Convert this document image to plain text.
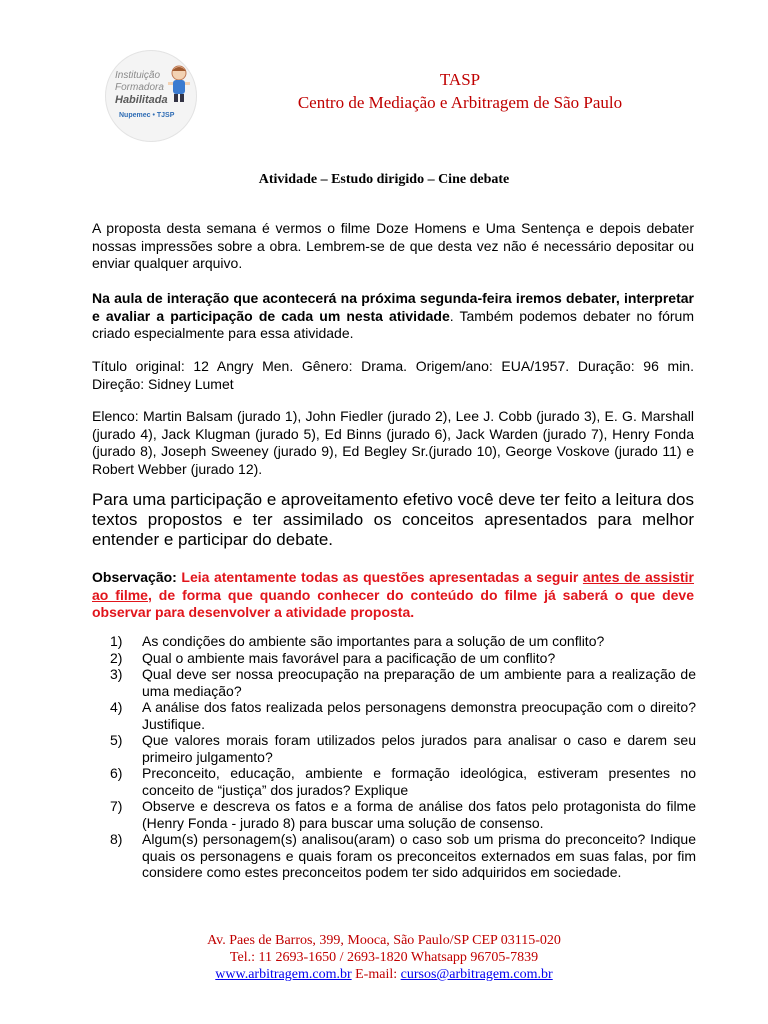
Instituição
Formadora
Habilitada
Nupemec • TJSP
TASP
Centro de Mediação e Arbitragem de São Paulo
Atividade – Estudo dirigido – Cine debate
A proposta desta semana é vermos o filme Doze Homens e Uma Sentença e depois debater nossas impressões sobre a obra. Lembrem-se de que desta vez não é necessário depositar ou enviar qualquer arquivo.
Na aula de interação que acontecerá na próxima segunda-feira iremos debater, interpretar e avaliar a participação de cada um nesta atividade. Também podemos debater no fórum criado especialmente para essa atividade.
Título original: 12 Angry Men. Gênero: Drama. Origem/ano: EUA/1957. Duração: 96 min. Direção: Sidney Lumet
Elenco: Martin Balsam (jurado 1), John Fiedler (jurado 2), Lee J. Cobb (jurado 3), E. G. Marshall (jurado 4), Jack Klugman (jurado 5), Ed Binns (jurado 6), Jack Warden (jurado 7), Henry Fonda (jurado 8), Joseph Sweeney (jurado 9), Ed Begley Sr.(jurado 10), George Voskove (jurado 11) e Robert Webber (jurado 12).
Para uma participação e aproveitamento efetivo você deve ter feito a leitura dos textos propostos e ter assimilado os conceitos apresentados para melhor entender e participar do debate.
Observação: Leia atentamente todas as questões apresentadas a seguir antes de assistir ao filme, de forma que quando conhecer do conteúdo do filme já saberá o que deve observar para desenvolver a atividade proposta.
1) As condições do ambiente são importantes para a solução de um conflito?
2) Qual o ambiente mais favorável para a pacificação de um conflito?
3) Qual deve ser nossa preocupação na preparação de um ambiente para a realização de uma mediação?
4) A análise dos fatos realizada pelos personagens demonstra preocupação com o direito? Justifique.
5) Que valores morais foram utilizados pelos jurados para analisar o caso e darem seu primeiro julgamento?
6) Preconceito, educação, ambiente e formação ideológica, estiveram presentes no conceito de “justiça” dos jurados? Explique
7) Observe e descreva os fatos e a forma de análise dos fatos pelo protagonista do filme (Henry Fonda - jurado 8) para buscar uma solução de consenso.
8) Algum(s) personagem(s) analisou(aram) o caso sob um prisma do preconceito? Indique quais os personagens e quais foram os preconceitos externados em suas falas, por fim considere como estes preconceitos podem ter sido adquiridos em sociedade.
Av. Paes de Barros, 399, Mooca, São Paulo/SP CEP 03115-020
Tel.: 11 2693-1650 / 2693-1820 Whatsapp 96705-7839
www.arbitragem.com.br E-mail: cursos@arbitragem.com.br
